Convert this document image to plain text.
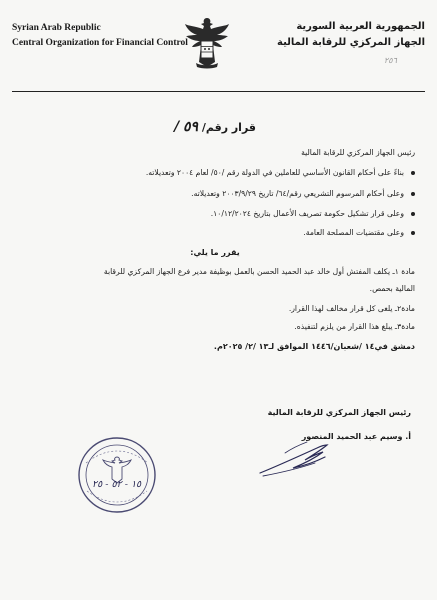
Syrian Arab Republic
Central Organization for Financial Control
الجمهورية العربية السورية
الجهاز المركزي للرقابة المالية
٢٥٦
قرار رقم/ ٥٩ /
رئيس الجهاز المركزي للرقابة المالية
بناءً على أحكام القانون الأساسي للعاملين في الدولة رقم /٥٠/ لعام ٢٠٠٤ وتعديلاته.
وعلى أحكام المرسوم التشريعي رقم/٦٤/ تاريخ ٢٠٠٣/٩/٢٩ وتعديلاته.
وعلى قرار تشكيل حكومة تصريف الأعمال بتاريخ ١٠/١٢/٢٠٢٤.
وعلى مقتضيات المصلحة العامة.
يقرر ما يلي:
مادة ١ـ يكلف المفتش أول خالد عبد الحميد الحسن بالعمل بوظيفة مدير فرع الجهاز المركزي للرقابة
المالية بحمص.
مادة٢ـ يلغى كل قرار مخالف لهذا القرار.
مادة٣ـ يبلغ هذا القرار من يلزم لتنفيذه.
دمشق في١٤ /شعبان/١٤٤٦ الموافق لـ١٣ /٢/ ٢٠٢٥م.
رئيس الجهاز المركزي للرقابة المالية
أ. وسيم عبد الحميد المنصور
١٥ - ٥٢ - ٢٥
